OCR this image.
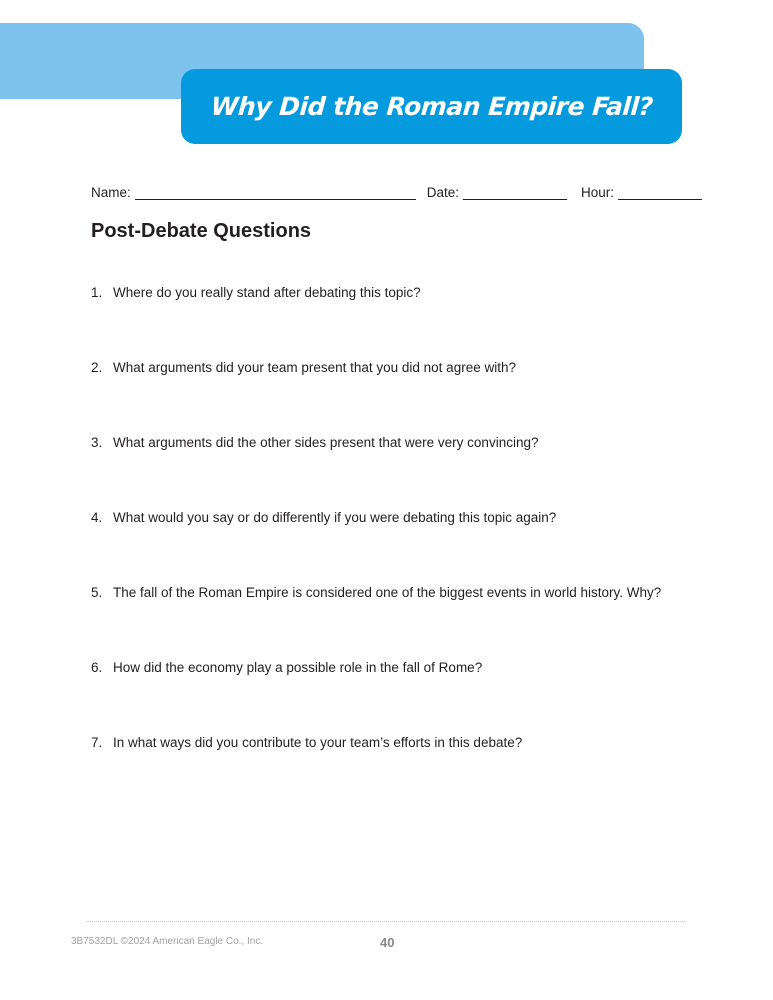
Why Did the Roman Empire Fall?
Name:	Date:	Hour:
Post-Debate Questions
1. Where do you really stand after debating this topic?
2. What arguments did your team present that you did not agree with?
3. What arguments did the other sides present that were very convincing?
4. What would you say or do differently if you were debating this topic again?
5. The fall of the Roman Empire is considered one of the biggest events in world history. Why?
6. How did the economy play a possible role in the fall of Rome?
7. In what ways did you contribute to your team’s efforts in this debate?
3B7532DL ©2024 American Eagle Co., Inc.	40
